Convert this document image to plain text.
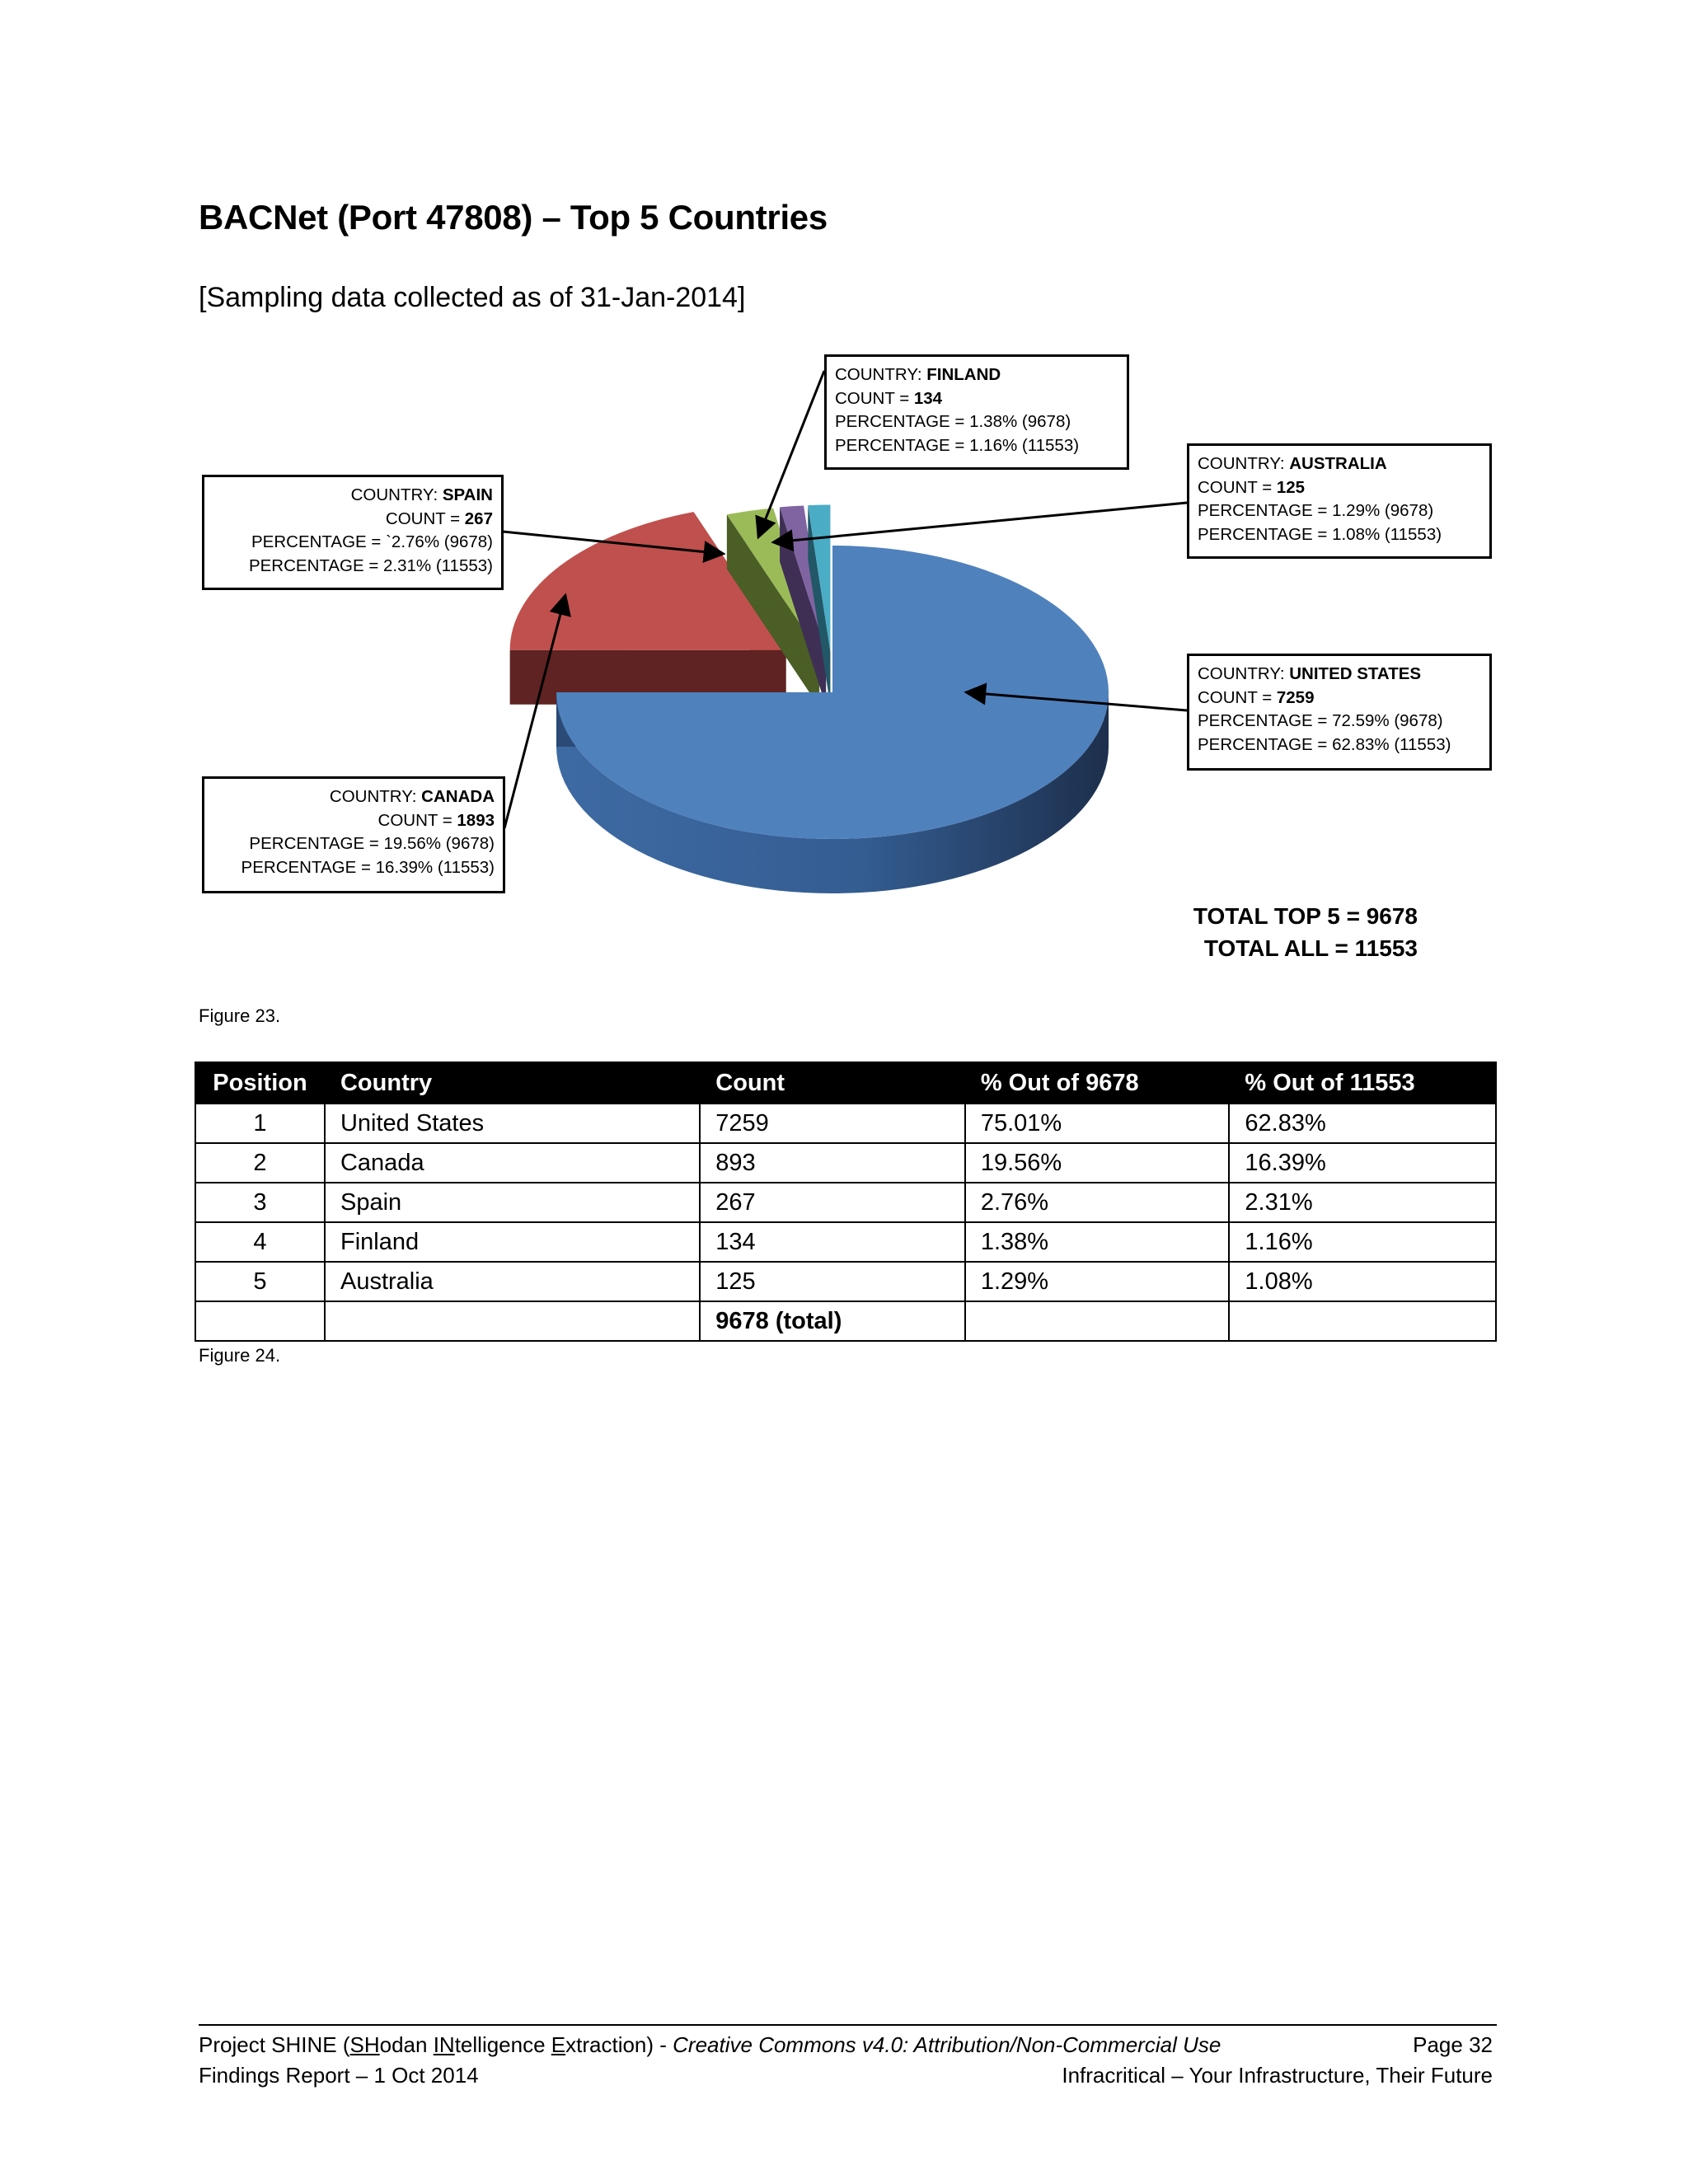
BACNet (Port 47808) – Top 5 Countries
[Sampling data collected as of 31-Jan-2014]
COUNTRY: FINLAND
COUNT = 134
PERCENTAGE = 1.38% (9678)
PERCENTAGE = 1.16% (11553)
COUNTRY: AUSTRALIA
COUNT = 125
PERCENTAGE = 1.29% (9678)
PERCENTAGE = 1.08% (11553)
COUNTRY: SPAIN
COUNT = 267
PERCENTAGE = `2.76% (9678)
PERCENTAGE = 2.31% (11553)
COUNTRY: UNITED STATES
COUNT = 7259
PERCENTAGE = 72.59% (9678)
PERCENTAGE = 62.83% (11553)
COUNTRY: CANADA
COUNT = 1893
PERCENTAGE = 19.56% (9678)
PERCENTAGE = 16.39% (11553)
TOTAL TOP 5 = 9678
TOTAL ALL = 11553
Figure 23.
Position	Country	Count	% Out of 9678	% Out of 11553
1	United States	7259	75.01%	62.83%
2	Canada	893	19.56%	16.39%
3	Spain	267	2.76%	2.31%
4	Finland	134	1.38%	1.16%
5	Australia	125	1.29%	1.08%
		9678 (total)		
Figure 24.
Project SHINE (SHodan INtelligence Extraction) - Creative Commons v4.0: Attribution/Non-Commercial Use	Page 32
Findings Report – 1 Oct 2014	Infracritical – Your Infrastructure, Their Future
